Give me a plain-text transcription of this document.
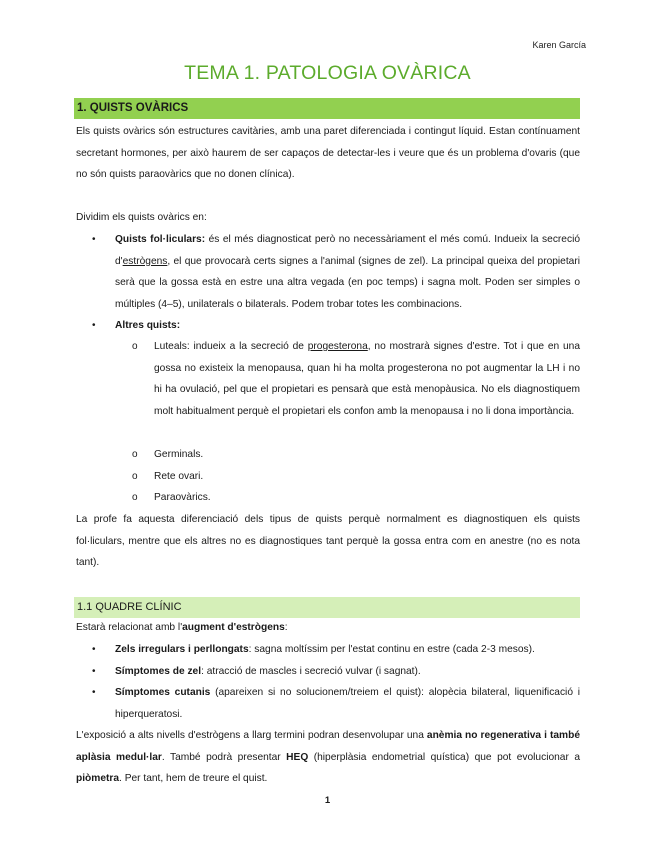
Karen García
TEMA 1. PATOLOGIA OVÀRICA
1. QUISTS OVÀRICS

Els quists ovàrics són estructures cavitàries, amb una paret diferenciada i contingut líquid. Estan contínuament secretant hormones, per això haurem de ser capaços de detectar-les i veure que és un problema d'ovaris (que no són quists paraovàrics que no donen clínica).

Dividim els quists ovàrics en:

• Quists fol·liculars: és el més diagnosticat però no necessàriament el més comú. Indueix la secreció d'estrògens, el que provocarà certs signes a l'animal (signes de zel). La principal queixa del propietari serà que la gossa està en estre una altra vegada (en poc temps) i sagna molt. Poden ser simples o múltiples (4–5), unilaterals o bilaterals. Podem trobar totes les combinacions.

• Altres quists:

o Luteals: indueix a la secreció de progesterona, no mostrarà signes d'estre. Tot i que en una gossa no existeix la menopausa, quan hi ha molta progesterona no pot augmentar la LH i no hi ha ovulació, pel que el propietari es pensarà que està menopàusica. No els diagnostiquem molt habitualment perquè el propietari els confon amb la menopausa i no li dona importància.

o Germinals.

o Rete ovari.

o Paraovàrics.

La profe fa aquesta diferenciació dels tipus de quists perquè normalment es diagnostiquen els quists fol·liculars, mentre que els altres no es diagnostiques tant perquè la gossa entra com en anestre (no es nota tant).

1.1 QUADRE CLÍNIC

Estarà relacionat amb l'augment d'estrògens:

• Zels irregulars i perllongats: sagna moltíssim per l'estat continu en estre (cada 2-3 mesos).

• Símptomes de zel: atracció de mascles i secreció vulvar (i sagnat).

• Símptomes cutanis (apareixen si no solucionem/treiem el quist): alopècia bilateral, liquenificació i hiperqueratosi.

L'exposició a alts nivells d'estrògens a llarg termini podran desenvolupar una anèmia no regenerativa i també aplàsia medul·lar. També podrà presentar HEQ (hiperplàsia endometrial quística) que pot evolucionar a piòmetra. Per tant, hem de treure el quist.

1
